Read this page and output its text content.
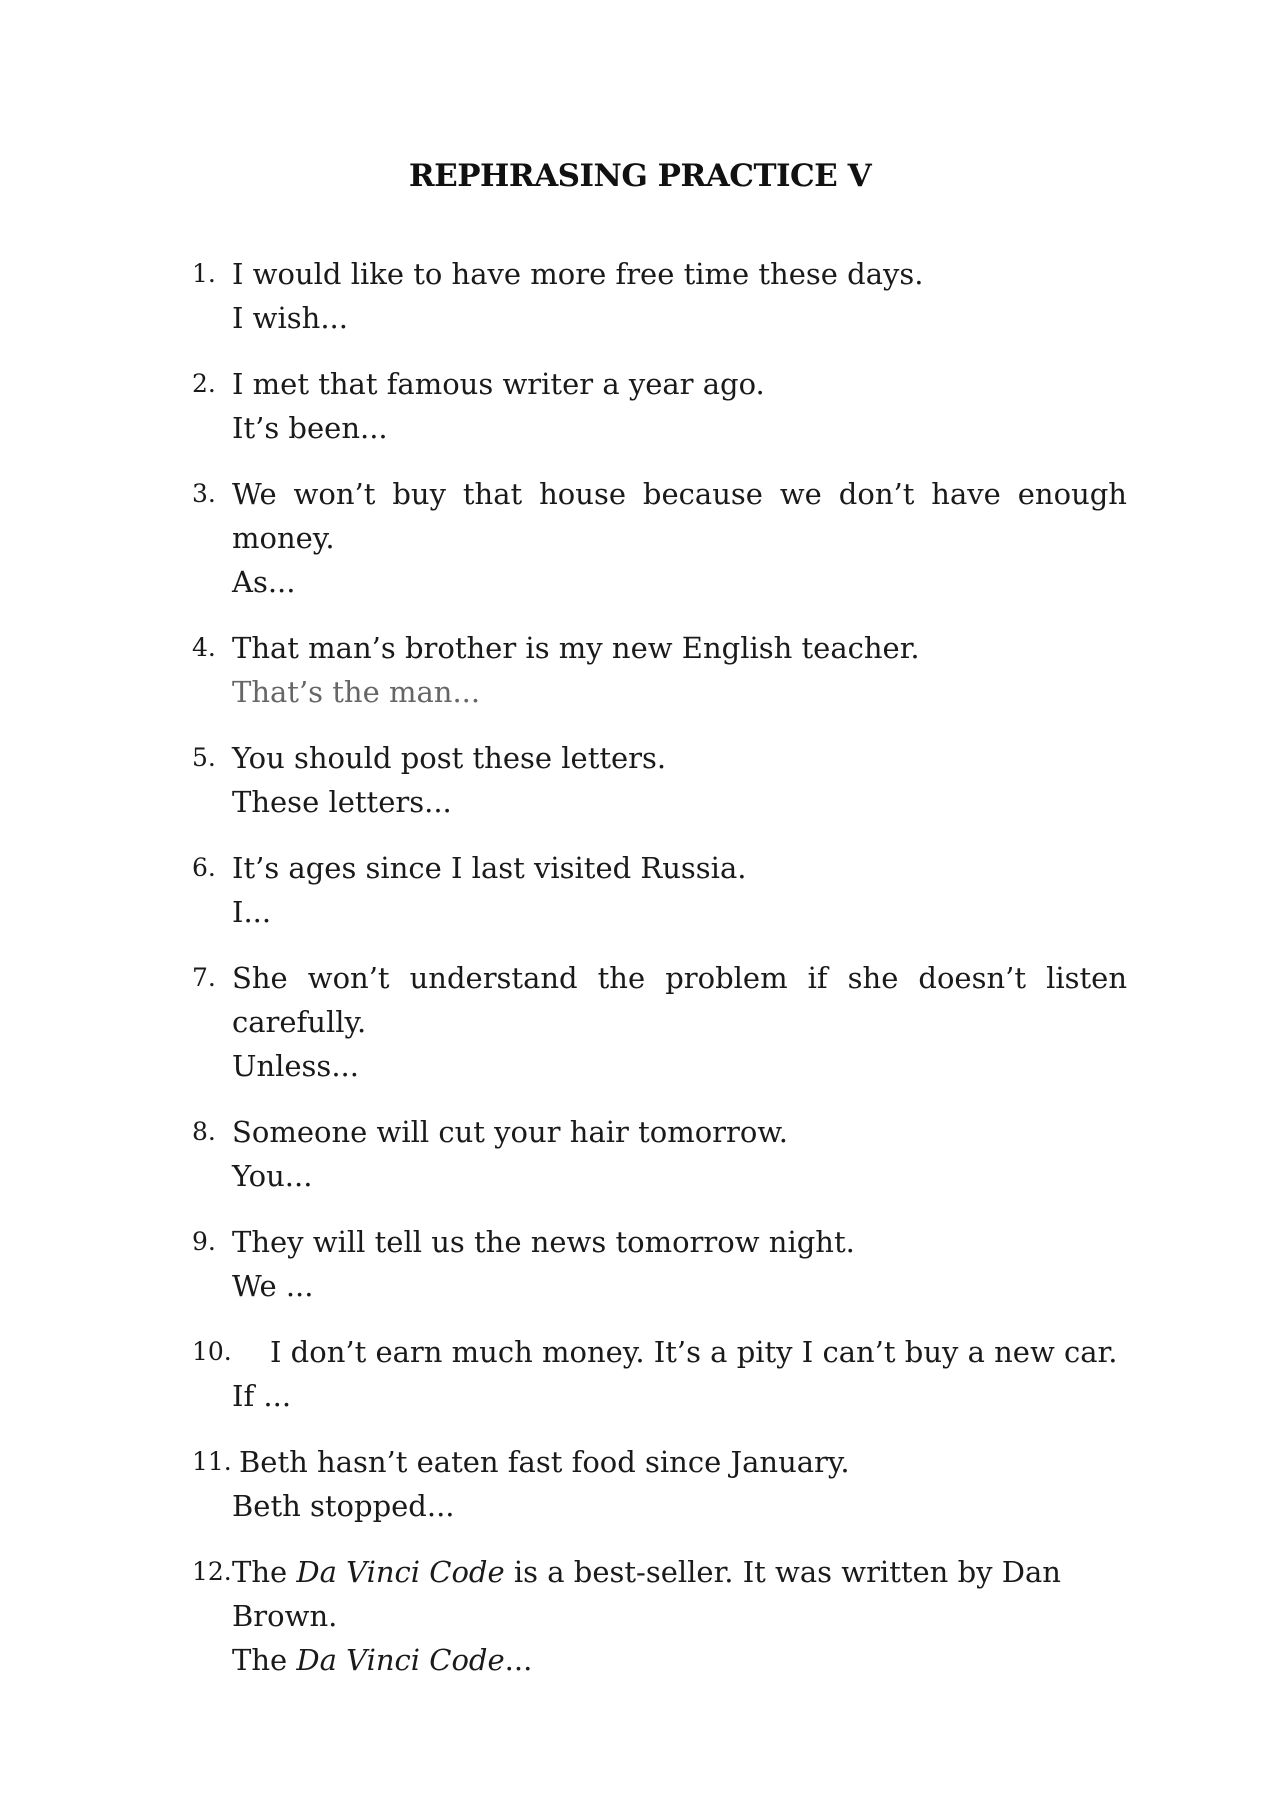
REPHRASING PRACTICE V
1. I would like to have more free time these days.
I wish...
2. I met that famous writer a year ago.
It’s been...
3. We won’t buy that house because we don’t have enough money.
As...
4. That man’s brother is my new English teacher.
That’s the man...
5. You should post these letters.
These letters...
6. It’s ages since I last visited Russia.
I...
7. She won’t understand the problem if she doesn’t listen carefully.
Unless...
8. Someone will cut your hair tomorrow.
You...
9. They will tell us the news tomorrow night.
We ...
10.	I don’t earn much money. It’s a pity I can’t buy a new car.
If ...
11. Beth hasn’t eaten fast food since January.
Beth stopped...
12. The Da Vinci Code is a best-seller. It was written by Dan Brown.
The Da Vinci Code...
